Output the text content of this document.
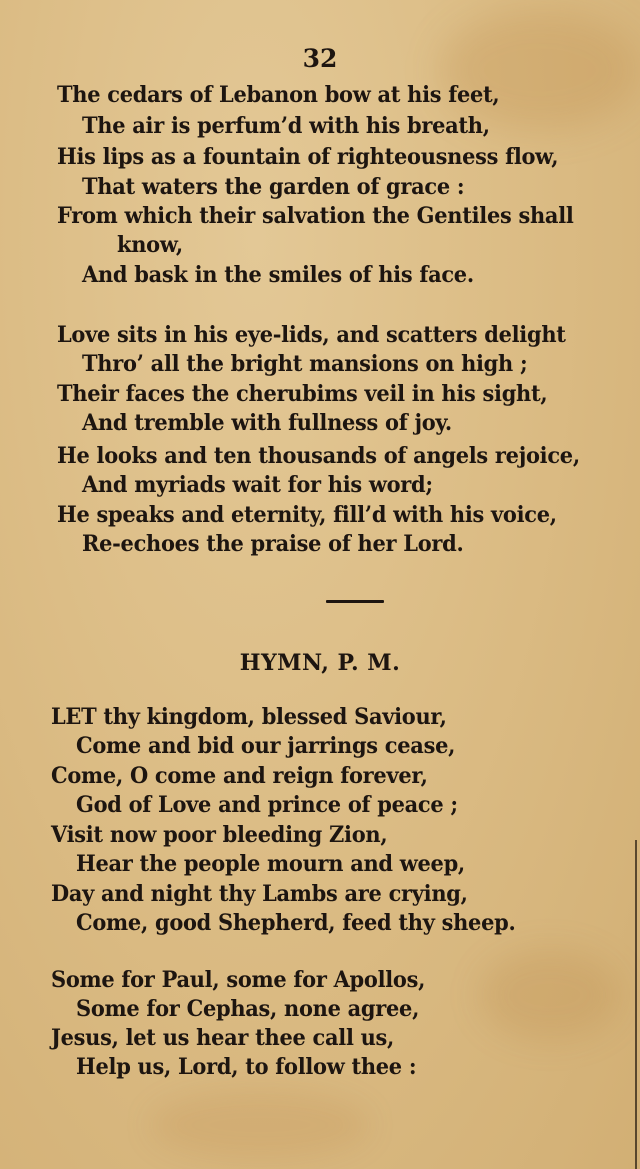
32
The cedars of Lebanon bow at his feet,
The air is perfum’d with his breath,
His lips as a fountain of righteousness flow,
That waters the garden of grace :
From which their salvation the Gentiles shall
know,
And bask in the smiles of his face.
Love sits in his eye-lids, and scatters delight
Thro’ all the bright mansions on high ;
Their faces the cherubims veil in his sight,
And tremble with fullness of joy.
He looks and ten thousands of angels rejoice,
And myriads wait for his word;
He speaks and eternity, fill’d with his voice,
Re-echoes the praise of her Lord.
HYMN, P. M.
LET thy kingdom, blessed Saviour,
Come and bid our jarrings cease,
Come, O come and reign forever,
God of Love and prince of peace ;
Visit now poor bleeding Zion,
Hear the people mourn and weep,
Day and night thy Lambs are crying,
Come, good Shepherd, feed thy sheep.
Some for Paul, some for Apollos,
Some for Cephas, none agree,
Jesus, let us hear thee call us,
Help us, Lord, to follow thee :
